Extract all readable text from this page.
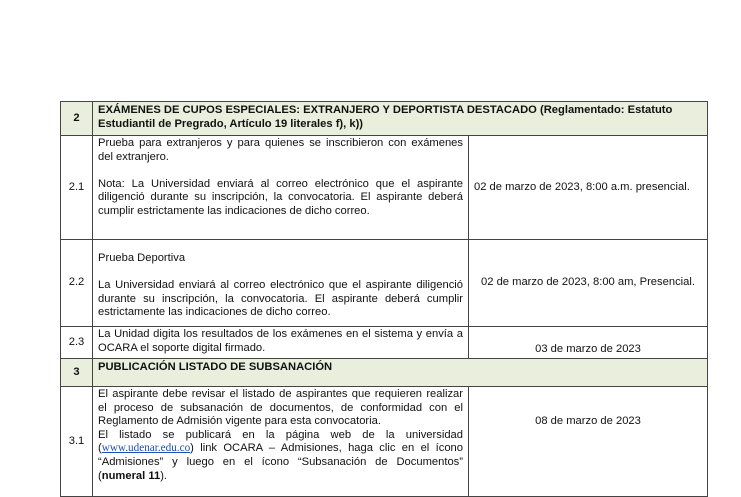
2	EXÁMENES DE CUPOS ESPECIALES: EXTRANJERO Y DEPORTISTA DESTACADO (Reglamentado: Estatuto Estudiantil de Pregrado, Artículo 19 literales f), k))	
2.1	Prueba para extranjeros y para quienes se inscribieron con exámenes del extranjero.

Nota: La Universidad enviará al correo electrónico que el aspirante diligenció durante su inscripción, la convocatoria. El aspirante deberá cumplir estrictamente las indicaciones de dicho correo.	02 de marzo de 2023, 8:00 a.m. presencial.
2.2	Prueba Deportiva

La Universidad enviará al correo electrónico que el aspirante diligenció durante su inscripción, la convocatoria. El aspirante deberá cumplir estrictamente las indicaciones de dicho correo.	02 de marzo de 2023, 8:00 am, Presencial.
2.3	La Unidad digita los resultados de los exámenes en el sistema y envía a OCARA el soporte digital firmado.	03 de marzo de 2023
3	PUBLICACIÓN LISTADO DE SUBSANACIÓN	
3.1	El aspirante debe revisar el listado de aspirantes que requieren realizar el proceso de subsanación de documentos, de conformidad con el Reglamento de Admisión vigente para esta convocatoria.

El listado se publicará en la página web de la universidad (www.udenar.edu.co) link OCARA – Admisiones, haga clic en el ícono “Admisiones” y luego en el ícono “Subsanación de Documentos” (numeral 11).	08 de marzo de 2023
